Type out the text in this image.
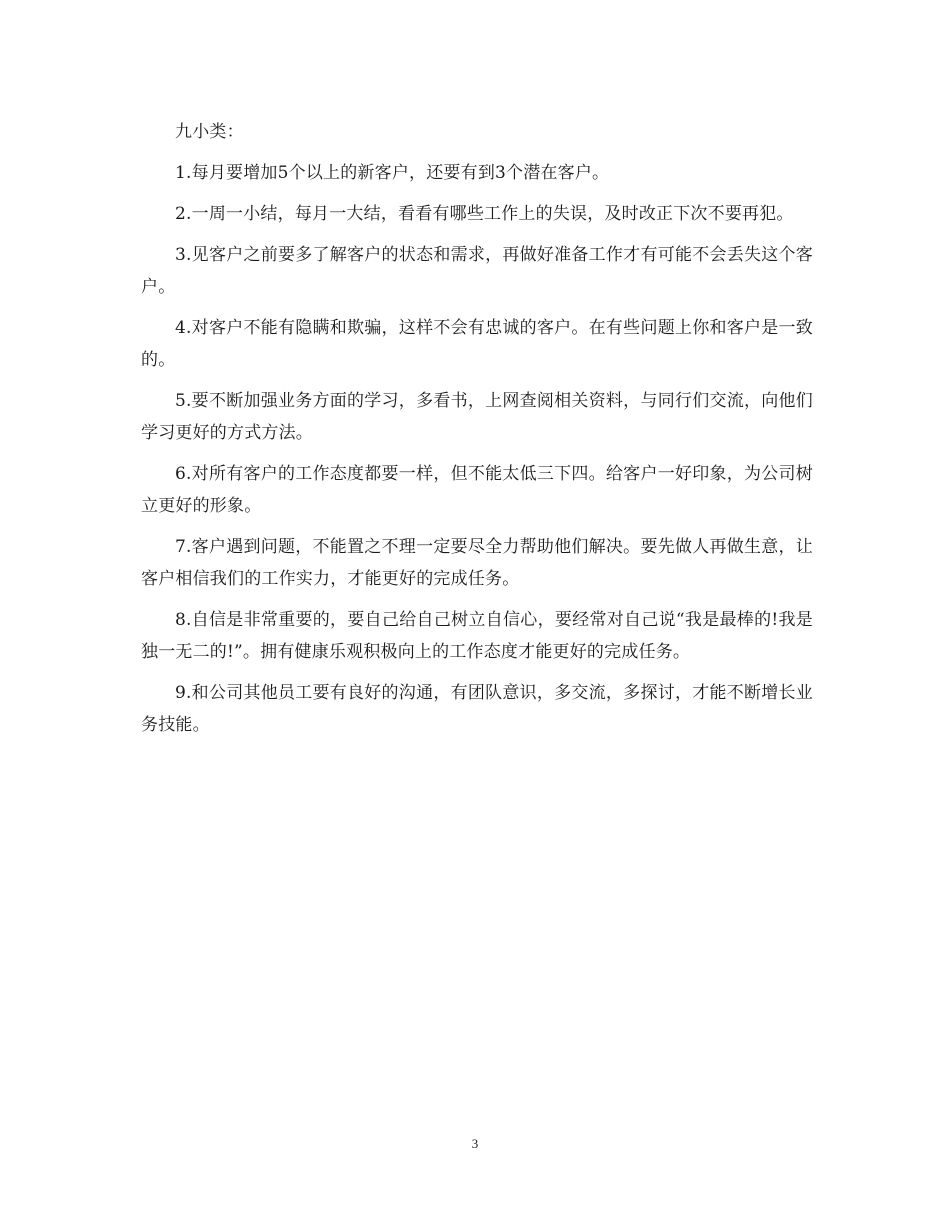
九小类：

1.每月要增加5个以上的新客户，还要有到3个潜在客户。

2.一周一小结，每月一大结，看看有哪些工作上的失误，及时改正下次不要再犯。

3.见客户之前要多了解客户的状态和需求，再做好准备工作才有可能不会丢失这个客户。

4.对客户不能有隐瞒和欺骗，这样不会有忠诚的客户。在有些问题上你和客户是一致的。

5.要不断加强业务方面的学习，多看书，上网查阅相关资料，与同行们交流，向他们学习更好的方式方法。

6.对所有客户的工作态度都要一样，但不能太低三下四。给客户一好印象，为公司树立更好的形象。

7.客户遇到问题，不能置之不理一定要尽全力帮助他们解决。要先做人再做生意，让客户相信我们的工作实力，才能更好的完成任务。

8.自信是非常重要的，要自己给自己树立自信心，要经常对自己说“我是最棒的!我是独一无二的!”。拥有健康乐观积极向上的工作态度才能更好的完成任务。

9.和公司其他员工要有良好的沟通，有团队意识，多交流，多探讨，才能不断增长业务技能。

3
